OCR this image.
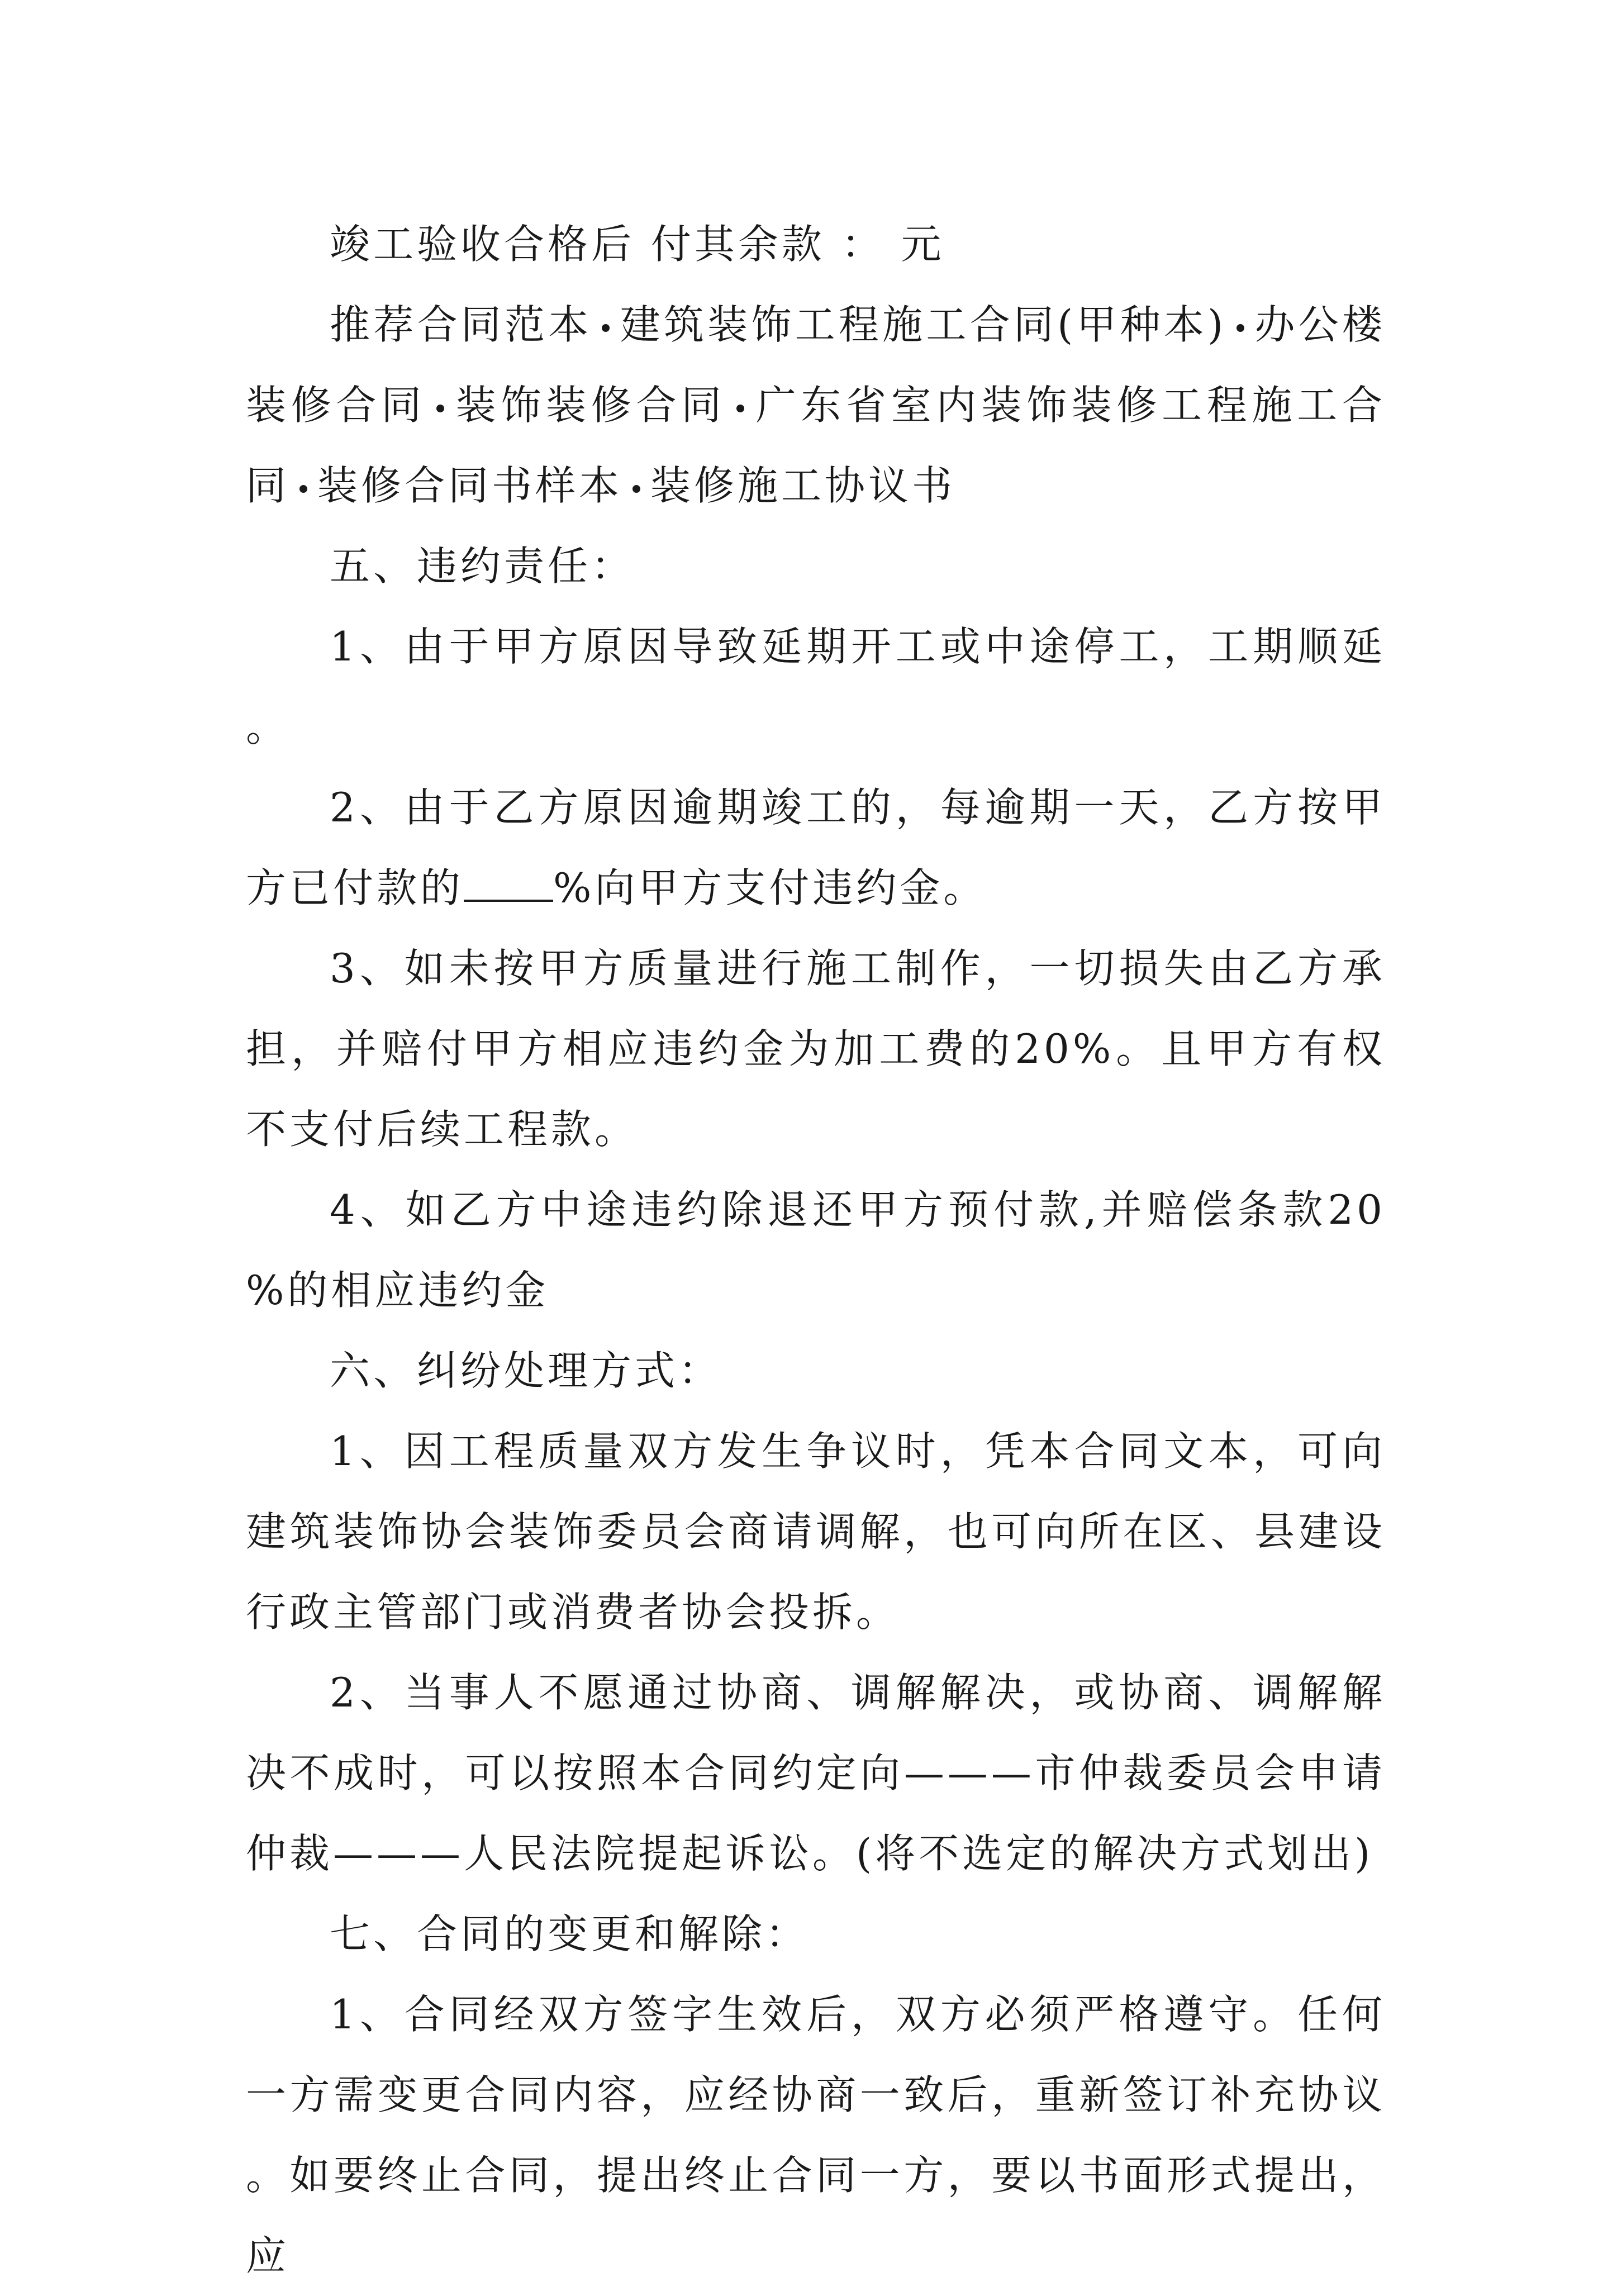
竣工验收合格后 付其余款 ： 元

推荐合同范本 建筑装饰工程施工合同(甲种本) 办公楼装修合同 装饰装修合同 广东省室内装饰装修工程施工合同 装修合同书样本 装修施工协议书

五、违约责任：

1、由于甲方原因导致延期开工或中途停工，工期顺延。

2、由于乙方原因逾期竣工的，每逾期一天，乙方按甲方已付款的 %向甲方支付违约金。

3、如未按甲方质量进行施工制作，一切损失由乙方承担，并赔付甲方相应违约金为加工费的20%。且甲方有权不支付后续工程款。

4、如乙方中途违约除退还甲方预付款,并赔偿条款20%的相应违约金

六、纠纷处理方式：

1、因工程质量双方发生争议时，凭本合同文本，可向建筑装饰协会装饰委员会商请调解，也可向所在区、县建设行政主管部门或消费者协会投拆。

2、当事人不愿通过协商、调解解决，或协商、调解解决不成时，可以按照本合同约定向———市仲裁委员会申请仲裁———人民法院提起诉讼。(将不选定的解决方式划出)

七、合同的变更和解除：

1、合同经双方签字生效后，双方必须严格遵守。任何一方需变更合同内容，应经协商一致后，重新签订补充协议。如要终止合同，提出终止合同一方，要以书面形式提出，应
